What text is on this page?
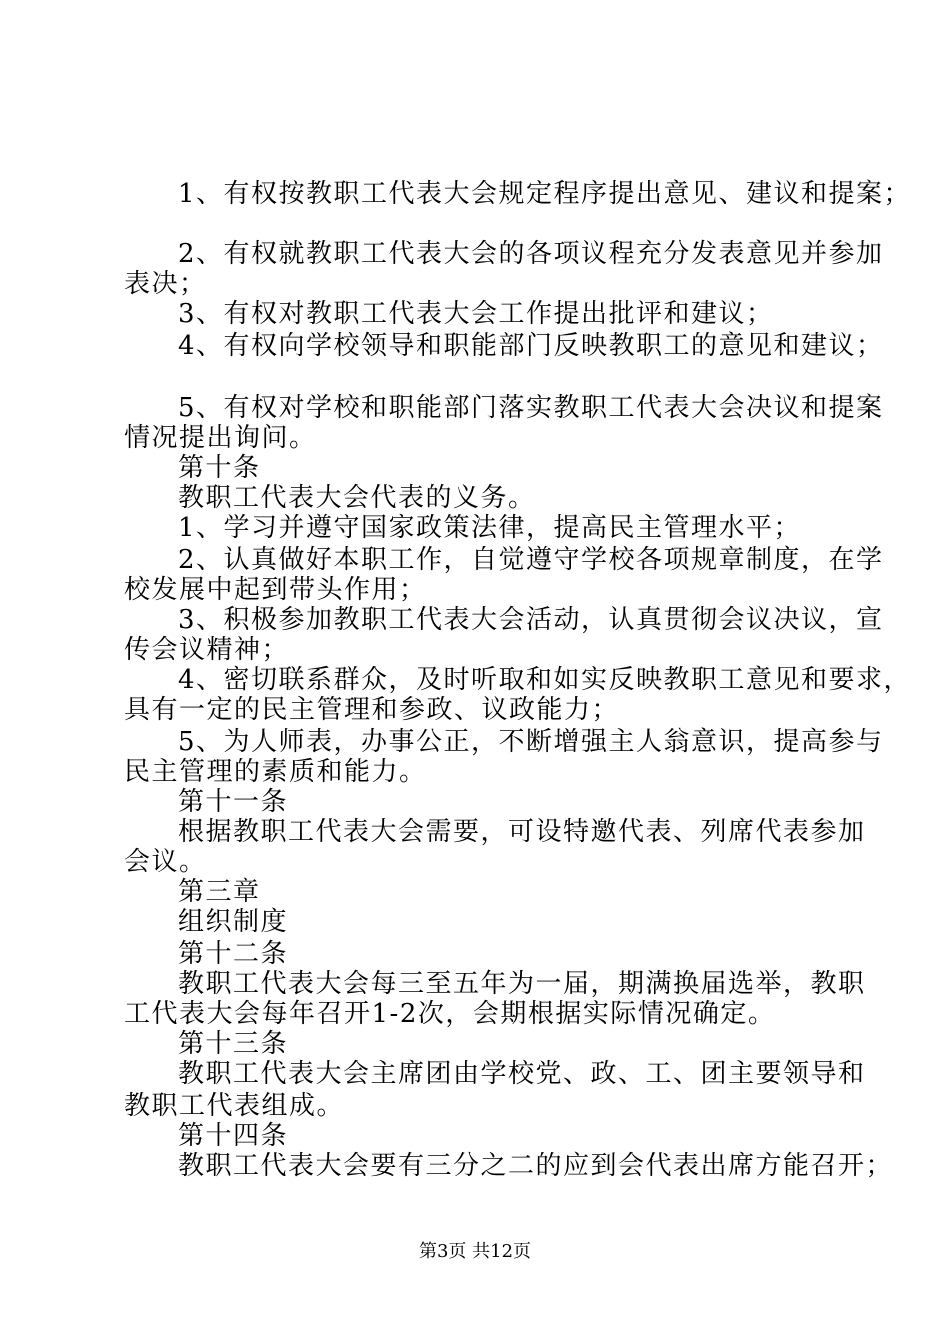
1、有权按教职工代表大会规定程序提出意见、建议和提案；
2、有权就教职工代表大会的各项议程充分发表意见并参加
表决；
3、有权对教职工代表大会工作提出批评和建议；
4、有权向学校领导和职能部门反映教职工的意见和建议；
5、有权对学校和职能部门落实教职工代表大会决议和提案
情况提出询问。
第十条
教职工代表大会代表的义务。
1、学习并遵守国家政策法律，提高民主管理水平；
2、认真做好本职工作，自觉遵守学校各项规章制度，在学
校发展中起到带头作用；
3、积极参加教职工代表大会活动，认真贯彻会议决议，宣
传会议精神；
4、密切联系群众，及时听取和如实反映教职工意见和要求，
具有一定的民主管理和参政、议政能力；
5、为人师表，办事公正，不断增强主人翁意识，提高参与
民主管理的素质和能力。
第十一条
根据教职工代表大会需要，可设特邀代表、列席代表参加
会议。
第三章
组织制度
第十二条
教职工代表大会每三至五年为一届，期满换届选举，教职
工代表大会每年召开1-2次，会期根据实际情况确定。
第十三条
教职工代表大会主席团由学校党、政、工、团主要领导和
教职工代表组成。
第十四条
教职工代表大会要有三分之二的应到会代表出席方能召开；
第3页 共12页
